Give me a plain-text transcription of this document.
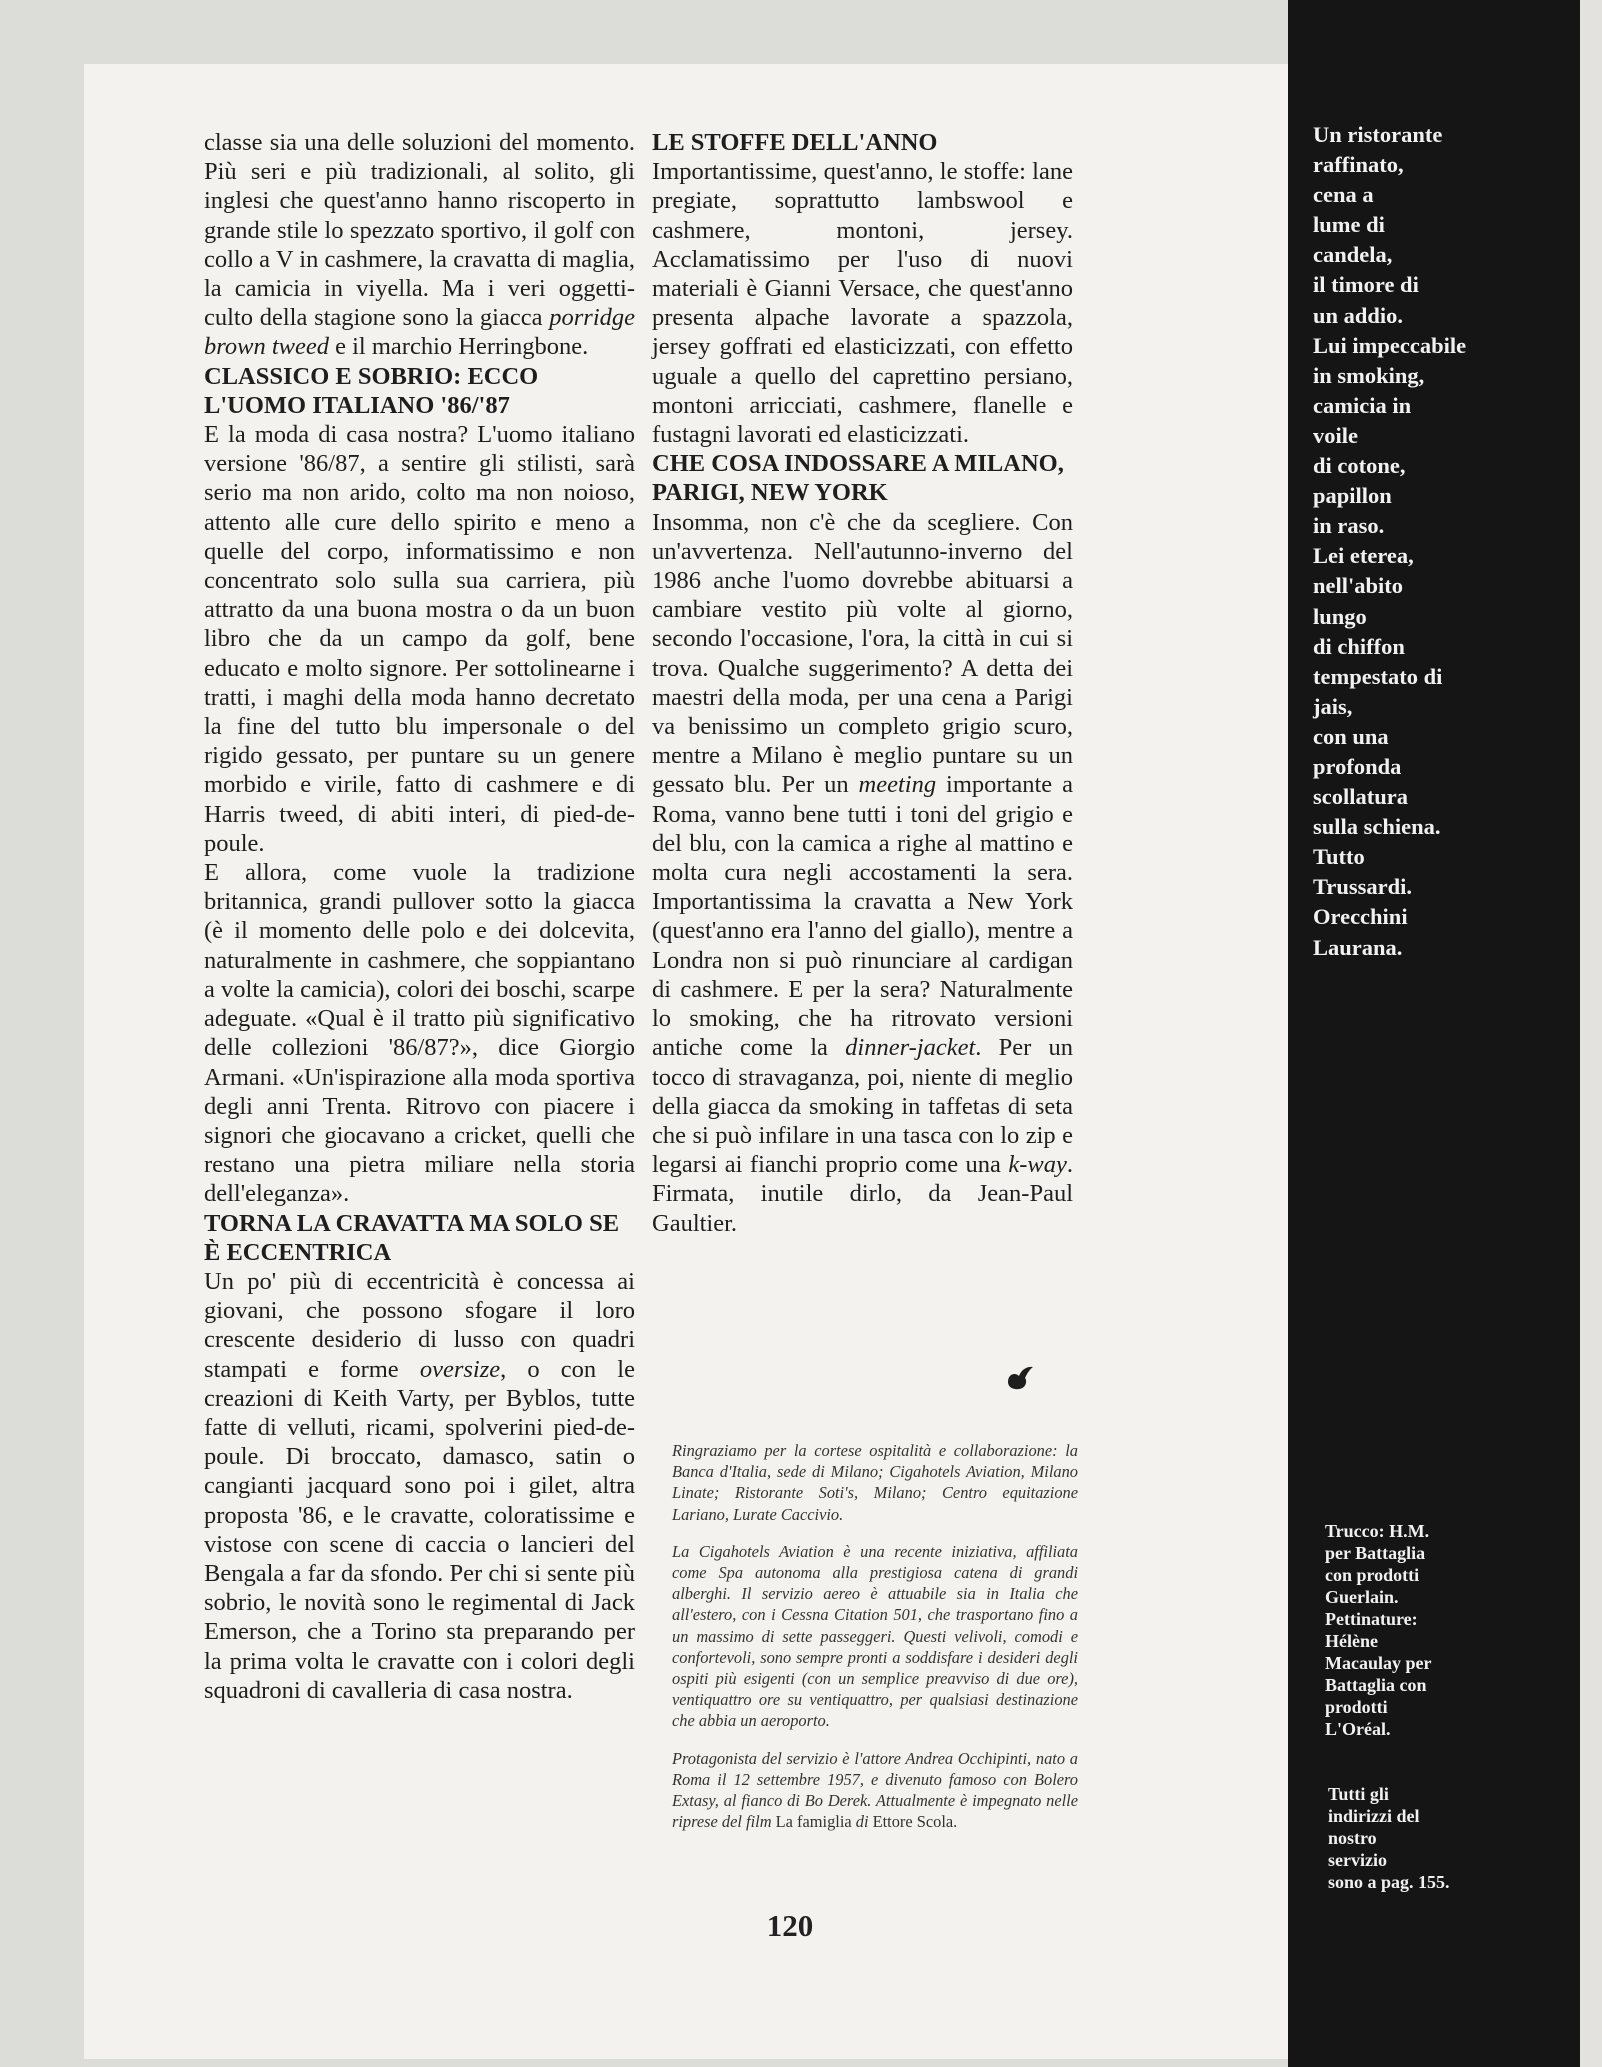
classe sia una delle soluzioni del momento. Più seri e più tradizionali, al solito, gli inglesi che quest'anno hanno riscoperto in grande stile lo spezzato sportivo, il golf con collo a V in cashmere, la cravatta di maglia, la camicia in viyella. Ma i veri oggetti-culto della stagione sono la giacca porridge brown tweed e il marchio Herringbone.

CLASSICO E SOBRIO: ECCO L'UOMO ITALIANO '86/'87

E la moda di casa nostra? L'uomo italiano versione '86/87, a sentire gli stilisti, sarà serio ma non arido, colto ma non noioso, attento alle cure dello spirito e meno a quelle del corpo, informatissimo e non concentrato solo sulla sua carriera, più attratto da una buona mostra o da un buon libro che da un campo da golf, bene educato e molto signore. Per sottolinearne i tratti, i maghi della moda hanno decretato la fine del tutto blu impersonale o del rigido gessato, per puntare su un genere morbido e virile, fatto di cashmere e di Harris tweed, di abiti interi, di pied-de-poule.

E allora, come vuole la tradizione britannica, grandi pullover sotto la giacca (è il momento delle polo e dei dolcevita, naturalmente in cashmere, che soppiantano a volte la camicia), colori dei boschi, scarpe adeguate. «Qual è il tratto più significativo delle collezioni '86/87?», dice Giorgio Armani. «Un'ispirazione alla moda sportiva degli anni Trenta. Ritrovo con piacere i signori che giocavano a cricket, quelli che restano una pietra miliare nella storia dell'eleganza».

TORNA LA CRAVATTA MA SOLO SE È ECCENTRICA

Un po' più di eccentricità è concessa ai giovani, che possono sfogare il loro crescente desiderio di lusso con quadri stampati e forme oversize, o con le creazioni di Keith Varty, per Byblos, tutte fatte di velluti, ricami, spolverini pied-de-poule. Di broccato, damasco, satin o cangianti jacquard sono poi i gilet, altra proposta '86, e le cravatte, coloratissime e vistose con scene di caccia o lancieri del Bengala a far da sfondo. Per chi si sente più sobrio, le novità sono le regimental di Jack Emerson, che a Torino sta preparando per la prima volta le cravatte con i colori degli squadroni di cavalleria di casa nostra.

LE STOFFE DELL'ANNO

Importantissime, quest'anno, le stoffe: lane pregiate, soprattutto lambswool e cashmere, montoni, jersey. Acclamatissimo per l'uso di nuovi materiali è Gianni Versace, che quest'anno presenta alpache lavorate a spazzola, jersey goffrati ed elasticizzati, con effetto uguale a quello del caprettino persiano, montoni arricciati, cashmere, flanelle e fustagni lavorati ed elasticizzati.

CHE COSA INDOSSARE A MILANO, PARIGI, NEW YORK

Insomma, non c'è che da scegliere. Con un'avvertenza. Nell'autunno-inverno del 1986 anche l'uomo dovrebbe abituarsi a cambiare vestito più volte al giorno, secondo l'occasione, l'ora, la città in cui si trova. Qualche suggerimento? A detta dei maestri della moda, per una cena a Parigi va benissimo un completo grigio scuro, mentre a Milano è meglio puntare su un gessato blu. Per un meeting importante a Roma, vanno bene tutti i toni del grigio e del blu, con la camica a righe al mattino e molta cura negli accostamenti la sera. Importantissima la cravatta a New York (quest'anno era l'anno del giallo), mentre a Londra non si può rinunciare al cardigan di cashmere. E per la sera? Naturalmente lo smoking, che ha ritrovato versioni antiche come la dinner-jacket. Per un tocco di stravaganza, poi, niente di meglio della giacca da smoking in taffetas di seta che si può infilare in una tasca con lo zip e legarsi ai fianchi proprio come una k-way. Firmata, inutile dirlo, da Jean-Paul Gaultier.

Ringraziamo per la cortese ospitalità e collaborazione: la Banca d'Italia, sede di Milano; Cigahotels Aviation, Milano Linate; Ristorante Soti's, Milano; Centro equitazione Lariano, Lurate Caccivio.

La Cigahotels Aviation è una recente iniziativa, affiliata come Spa autonoma alla prestigiosa catena di grandi alberghi. Il servizio aereo è attuabile sia in Italia che all'estero, con i Cessna Citation 501, che trasportano fino a un massimo di sette passeggeri. Questi velivoli, comodi e confortevoli, sono sempre pronti a soddisfare i desideri degli ospiti più esigenti (con un semplice preavviso di due ore), ventiquattro ore su ventiquattro, per qualsiasi destinazione che abbia un aeroporto.

Protagonista del servizio è l'attore Andrea Occhipinti, nato a Roma il 12 settembre 1957, e divenuto famoso con Bolero Extasy, al fianco di Bo Derek. Attualmente è impegnato nelle riprese del film La famiglia di Ettore Scola.

Un ristorante
raffinato,
cena a
lume di
candela,
il timore di
un addio.
Lui impeccabile
in smoking,
camicia in
voile
di cotone,
papillon
in raso.
Lei eterea,
nell'abito
lungo
di chiffon
tempestato di
jais,
con una
profonda
scollatura
sulla schiena.
Tutto
Trussardi.
Orecchini
Laurana.
Trucco: H.M.
per Battaglia
con prodotti
Guerlain.
Pettinature:
Hélène
Macaulay per
Battaglia con
prodotti
L'Oréal.
Tutti gli
indirizzi del
nostro
servizio
sono a pag. 155.
120
